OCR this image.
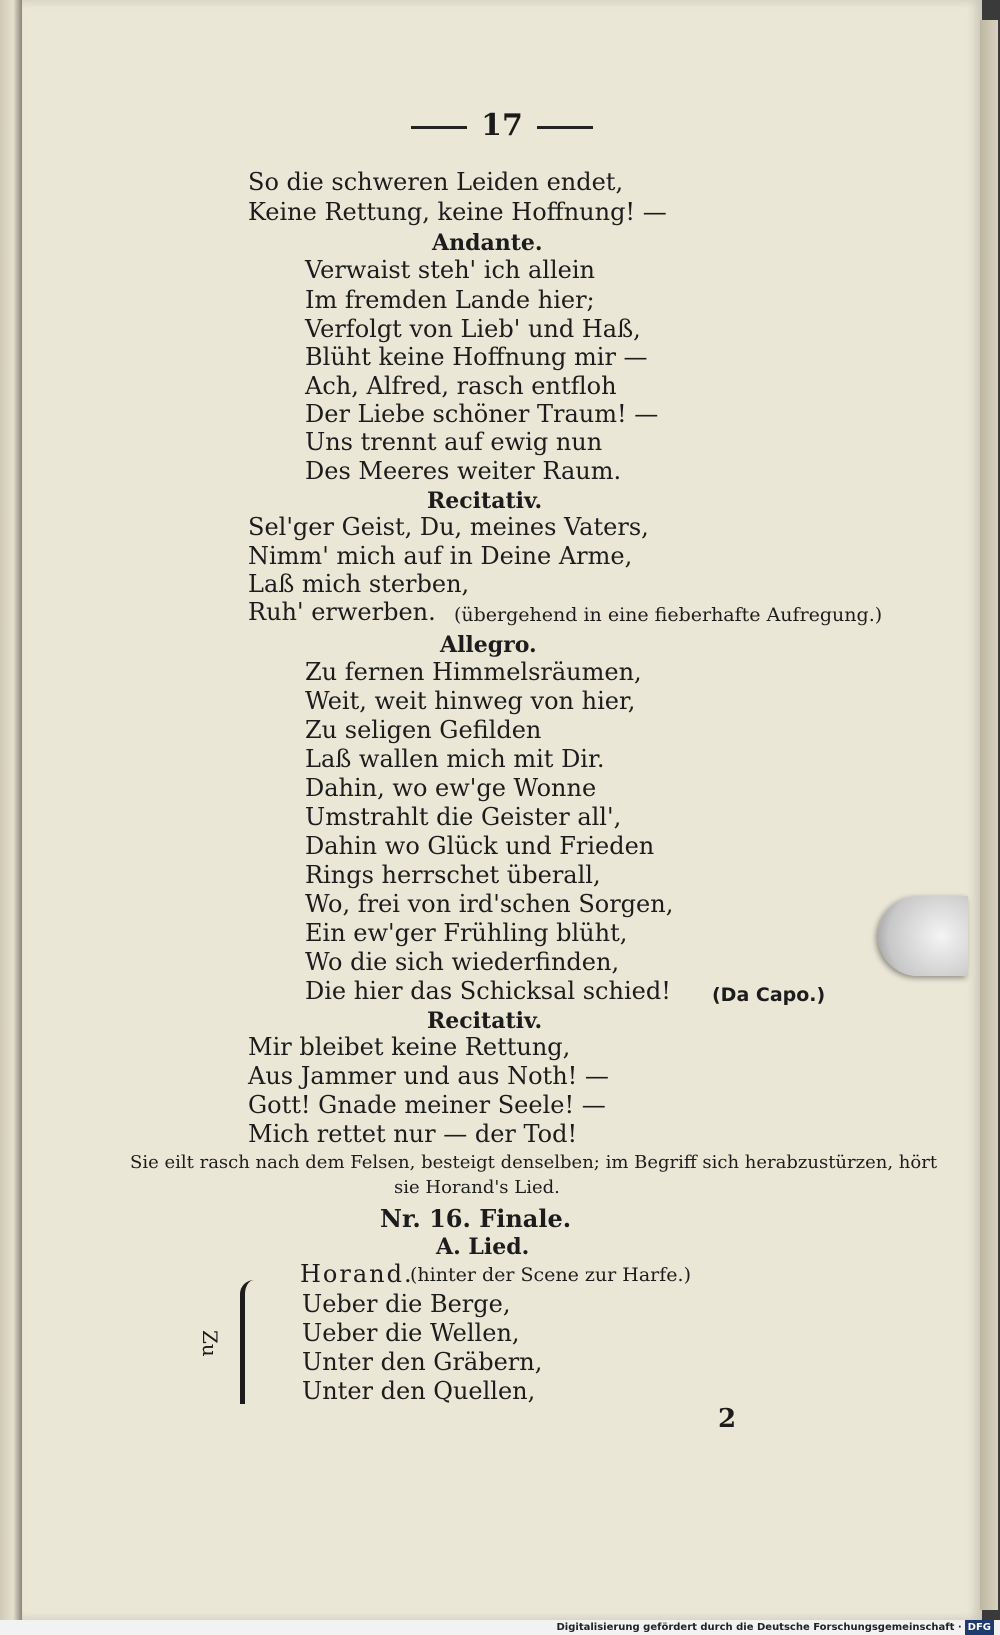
17
So die schweren Leiden endet,
Keine Rettung, keine Hoffnung! —
Andante.
Verwaist steh' ich allein
Im fremden Lande hier;
Verfolgt von Lieb' und Haß,
Blüht keine Hoffnung mir —
Ach, Alfred, rasch entfloh
Der Liebe schöner Traum! —
Uns trennt auf ewig nun
Des Meeres weiter Raum.
Recitativ.
Sel'ger Geist, Du, meines Vaters,
Nimm' mich auf in Deine Arme,
Laß mich sterben,
Ruh' erwerben. (übergehend in eine fieberhafte Aufregung.)
Allegro.
Zu fernen Himmelsräumen,
Weit, weit hinweg von hier,
Zu seligen Gefilden
Laß wallen mich mit Dir.
Dahin, wo ew'ge Wonne
Umstrahlt die Geister all',
Dahin wo Glück und Frieden
Rings herrschet überall,
Wo, frei von ird'schen Sorgen,
Ein ew'ger Frühling blüht,
Wo die sich wiederfinden,
Die hier das Schicksal schied! (Da Capo.)
Recitativ.
Mir bleibet keine Rettung,
Aus Jammer und aus Noth! —
Gott! Gnade meiner Seele! —
Mich rettet nur — der Tod!
Sie eilt rasch nach dem Felsen, besteigt denselben; im Begriff sich herabzustürzen, hört
sie Horand's Lied.
Nr. 16. Finale.
A. Lied.
Horand.
(hinter der Scene zur Harfe.)
Zu
Ueber die Berge,
Ueber die Wellen,
Unter den Gräbern,
Unter den Quellen,
2
Digitalisierung gefördert durch die Deutsche Forschungsgemeinschaft · DFG
